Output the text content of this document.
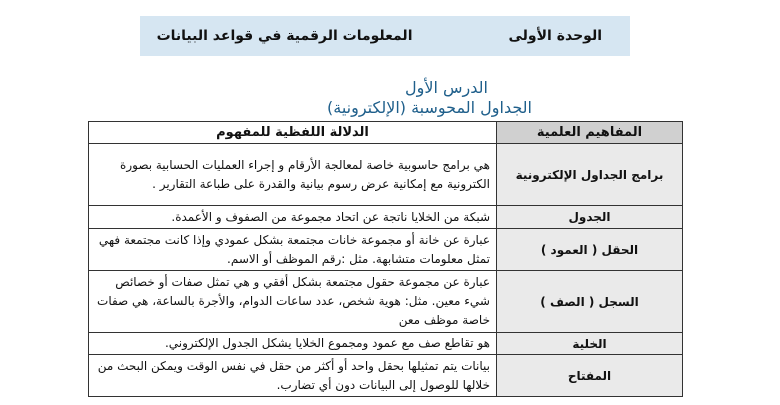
الوحدة الأولى
المعلومات الرقمية في قواعد البيانات
الدرس الأول
الجداول المحوسبة (الإلكترونية)
المفاهيم العلمية	الدلالة اللفظية للمفهوم
برامج الجداول الإلكترونية	هي برامج حاسوبية خاصة لمعالجة الأرقام و إجراء العمليات الحسابية بصورة الكترونية مع إمكانية عرض رسوم بيانية والقدرة على طباعة التقارير .
الجدول	شبكة من الخلايا ناتجة عن اتحاد مجموعة من الصفوف و الأعمدة.
الحقل ( العمود )	عبارة عن خانة أو مجموعة خانات مجتمعة بشكل عمودي وإذا كانت مجتمعة فهي تمثل معلومات متشابهة. مثل :رقم الموظف أو الاسم.
السجل ( الصف )	عبارة عن مجموعة حقول مجتمعة بشكل أفقي و هي تمثل صفات أو خصائص شيء معين. مثل: هوية شخص، عدد ساعات الدوام، والأجرة بالساعة، هي صفات خاصة موظف معن
الخلية	هو تقاطع صف مع عمود ومجموع الخلايا يشكل الجدول الإلكتروني.
المفتاح	بيانات يتم تمثيلها بحقل واحد أو أكثر من حقل في نفس الوقت ويمكن البحث من خلالها للوصول إلى البيانات دون أي تضارب.
